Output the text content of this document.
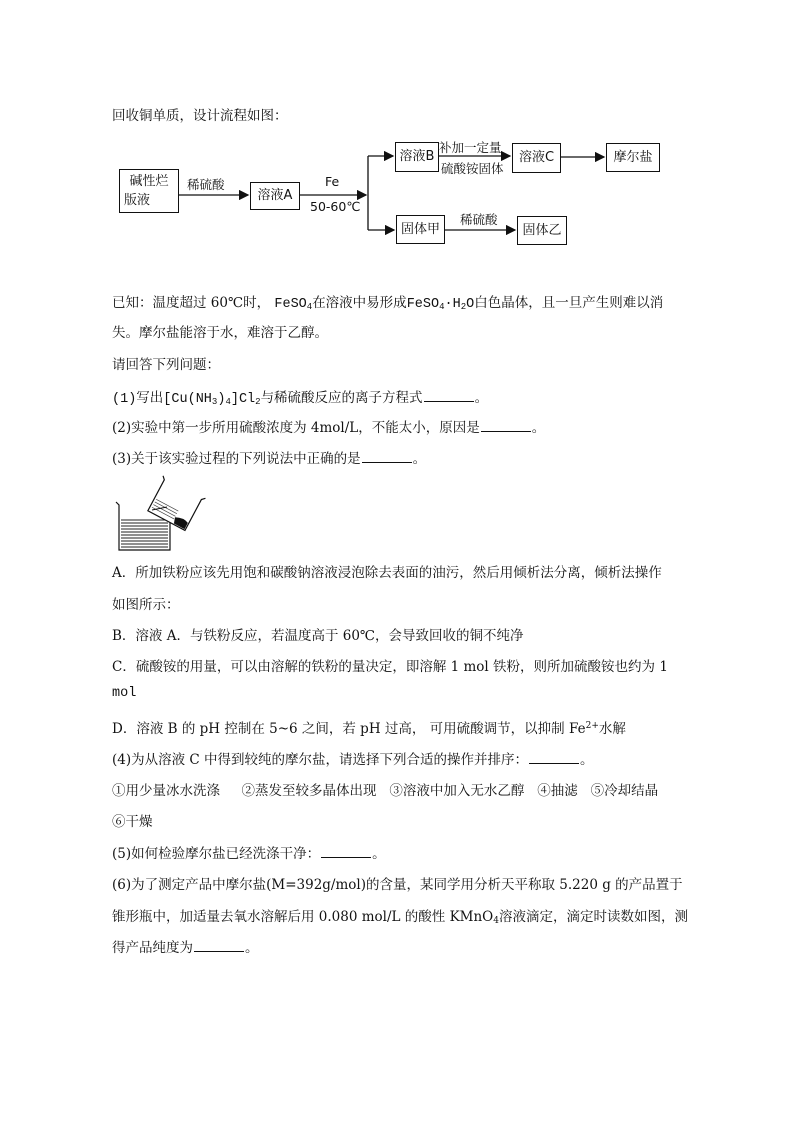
回收铜单质，设计流程如图：
碱性烂
版液
稀硫酸
溶液A
Fe
50-60℃
溶液B
补加一定量
硫酸铵固体
溶液C	摩尔盐
固体甲
稀硫酸
固体乙
已知：温度超过 60℃时， FeSO$_4$在溶液中易形成$FeSO_4\cdot H_2O$白色晶体，且一旦产生则难以消
失。摩尔盐能溶于水，难溶于乙醇。
请回答下列问题：
(1)写出$[Cu(NH_3)_4]Cl_2$与稀硫酸反应的离子方程式	。
(2)实验中第一步所用硫酸浓度为 4mol/L，不能太小，原因是	。
(3)关于该实验过程的下列说法中正确的是	。
A．所加铁粉应该先用饱和碳酸钠溶液浸泡除去表面的油污，然后用倾析法分离，倾析法操作
如图所示：
B．溶液 A．与铁粉反应，若温度高于 60℃，会导致回收的铜不纯净
C．硫酸铵的用量，可以由溶解的铁粉的量决定，即溶解 1 mol 铁粉，则所加硫酸铵也约为 1
mol
D．溶液 B 的 pH 控制在 5~6 之间，若 pH 过高， 可用硫酸调节，以抑制 $Fe^{2+}$水解
(4)为从溶液 C 中得到较纯的摩尔盐，请选择下列合适的操作并排序：	。
①用少量冰水洗涤     ②蒸发至较多晶体出现   ③溶液中加入无水乙醇   ④抽滤   ⑤冷却结晶
⑥干燥
(5)如何检验摩尔盐已经洗涤干净：	。
(6)为了测定产品中摩尔盐(M=392g/mol)的含量，某同学用分析天平称取 5.220 g 的产品置于
锥形瓶中，加适量去氧水溶解后用 0.080 mol/L 的酸性 KMnO$_4$溶液滴定，滴定时读数如图，测
得产品纯度为	。
